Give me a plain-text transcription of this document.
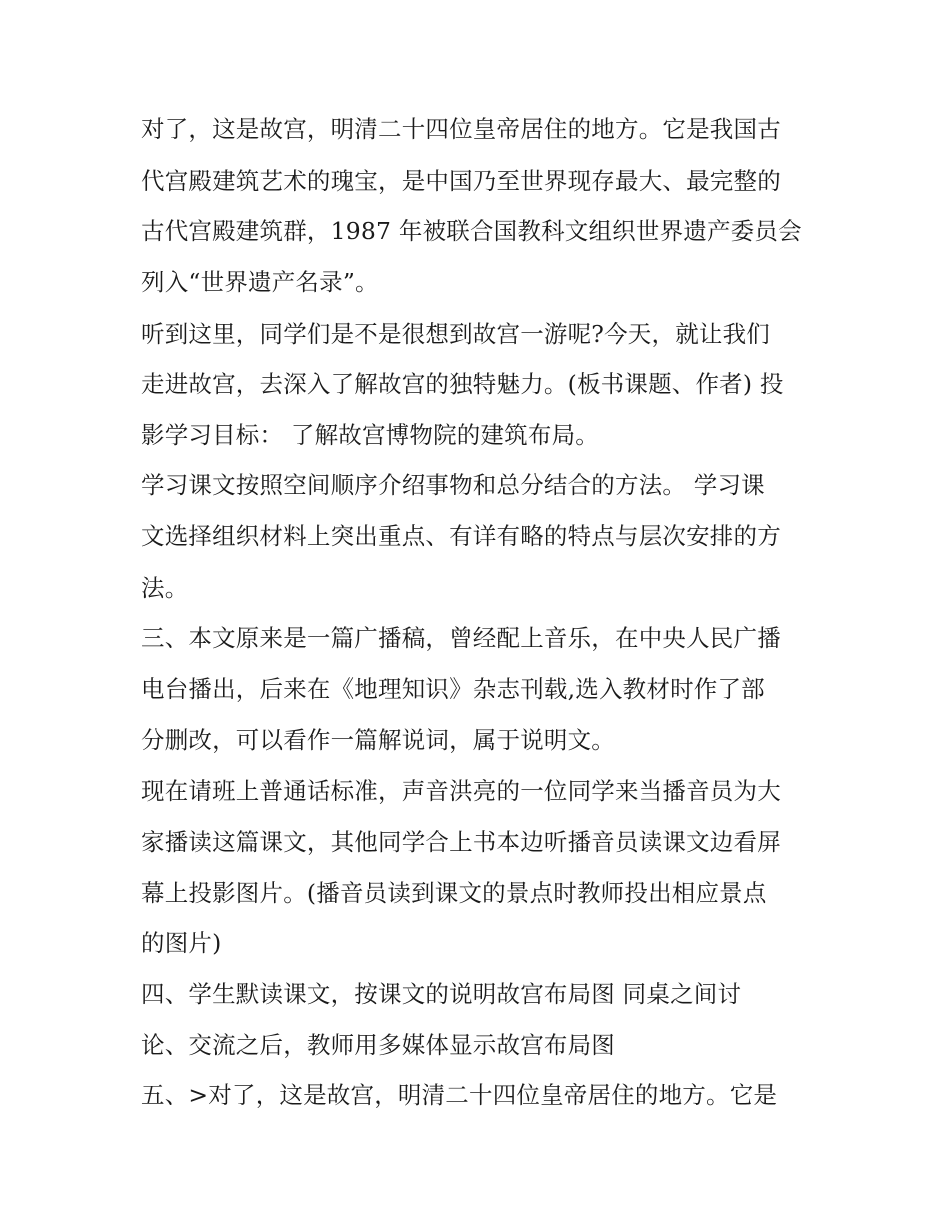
对了，这是故宫，明清二十四位皇帝居住的地方。它是我国古
代宫殿建筑艺术的瑰宝，是中国乃至世界现存最大、最完整的
古代宫殿建筑群，1987 年被联合国教科文组织世界遗产委员会
列入“世界遗产名录”。
听到这里，同学们是不是很想到故宫一游呢?今天，就让我们
走进故宫，去深入了解故宫的独特魅力。(板书课题、作者) 投
影学习目标： 了解故宫博物院的建筑布局。
学习课文按照空间顺序介绍事物和总分结合的方法。 学习课
文选择组织材料上突出重点、有详有略的特点与层次安排的方
法。
三、本文原来是一篇广播稿，曾经配上音乐，在中央人民广播
电台播出，后来在《地理知识》杂志刊载,选入教材时作了部
分删改，可以看作一篇解说词，属于说明文。
现在请班上普通话标准，声音洪亮的一位同学来当播音员为大
家播读这篇课文，其他同学合上书本边听播音员读课文边看屏
幕上投影图片。(播音员读到课文的景点时教师投出相应景点
的图片)
四、学生默读课文，按课文的说明故宫布局图 同桌之间讨
论、交流之后，教师用多媒体显示故宫布局图
五、>对了，这是故宫，明清二十四位皇帝居住的地方。它是
